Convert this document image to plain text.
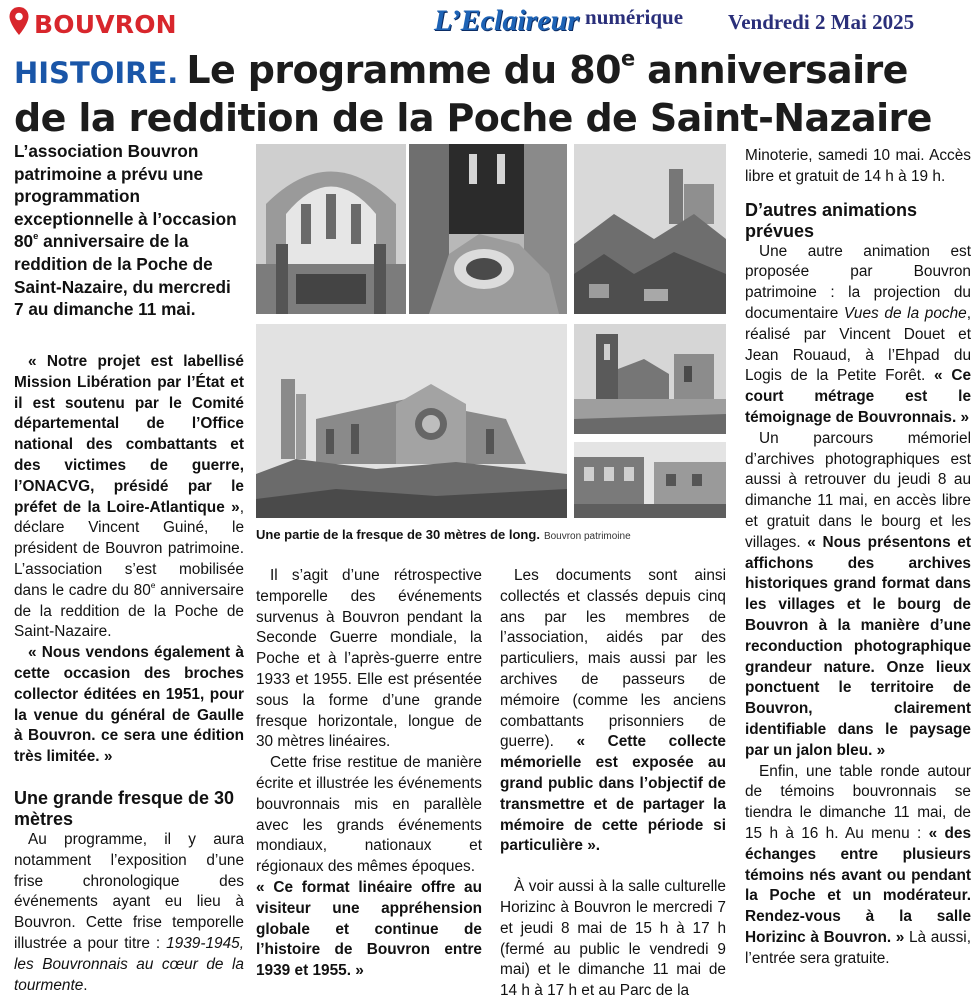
BOUVRON	L’Eclaireur numérique Vendredi 2 Mai 2025
HISTOIRE. Le programme du 80e anniversaire
de la reddition de la Poche de Saint-Nazaire

L’association Bouvron patrimoine a prévu une programmation exceptionnelle à l’occasion 80e anniversaire de la reddition de la Poche de Saint-Nazaire, du mercredi 7 au dimanche 11 mai.

« Notre projet est labellisé Mission Libération par l’État et il est soutenu par le Comité départemental de l’Office national des combattants et des victimes de guerre, l’ONACVG, présidé par le préfet de la Loire-Atlantique », déclare Vincent Guiné, le président de Bouvron patrimoine. L’association s’est mobilisée dans le cadre du 80e anniversaire de la reddition de la Poche de Saint-Nazaire.

« Nous vendons également à cette occasion des broches collector éditées en 1951, pour la venue du général de Gaulle à Bouvron. ce sera une édition très limitée. »

Une grande fresque de 30 mètres

Au programme, il y aura notamment l’exposition d’une frise chronologique des événements ayant eu lieu à Bouvron. Cette frise temporelle illustrée a pour titre : 1939-1945, les Bouvronnais au cœur de la tourmente.

Une partie de la fresque de 30 mètres de long. Bouvron patrimoine

Il s’agit d’une rétrospective temporelle des événements survenus à Bouvron pendant la Seconde Guerre mondiale, la Poche et à l’après-guerre entre 1933 et 1955. Elle est présentée sous la forme d’une grande fresque horizontale, longue de 30 mètres linéaires.

Cette frise restitue de manière écrite et illustrée les événements bouvronnais mis en parallèle avec les grands événements mondiaux, nationaux et régionaux des mêmes époques.

« Ce format linéaire offre au visiteur une appréhension globale et continue de l’histoire de Bouvron entre 1939 et 1955. »

Les documents sont ainsi collectés et classés depuis cinq ans par les membres de l’association, aidés par des particuliers, mais aussi par les archives de passeurs de mémoire (comme les anciens combattants prisonniers de guerre). « Cette collecte mémorielle est exposée au grand public dans l’objectif de transmettre et de partager la mémoire de cette période si particulière ».

À voir aussi à la salle culturelle Horizinc à Bouvron le mercredi 7 et jeudi 8 mai de 15 h à 17 h (fermé au public le vendredi 9 mai) et le dimanche 11 mai de 14 h à 17 h et au Parc de la

Minoterie, samedi 10 mai. Accès libre et gratuit de 14 h à 19 h.

D’autres animations prévues

Une autre animation est proposée par Bouvron patrimoine : la projection du documentaire Vues de la poche, réalisé par Vincent Douet et Jean Rouaud, à l’Ehpad du Logis de la Petite Forêt. « Ce court métrage est le témoignage de Bouvronnais. »

Un parcours mémoriel d’archives photographiques est aussi à retrouver du jeudi 8 au dimanche 11 mai, en accès libre et gratuit dans le bourg et les villages. « Nous présentons et affichons des archives historiques grand format dans les villages et le bourg de Bouvron à la manière d’une reconduction photographique grandeur nature. Onze lieux ponctuent le territoire de Bouvron, clairement identifiable dans le paysage par un jalon bleu. »

Enfin, une table ronde autour de témoins bouvronnais se tiendra le dimanche 11 mai, de 15 h à 16 h. Au menu : « des échanges entre plusieurs témoins nés avant ou pendant la Poche et un modérateur. Rendez-vous à la salle Horizinc à Bouvron. » Là aussi, l’entrée sera gratuite.
